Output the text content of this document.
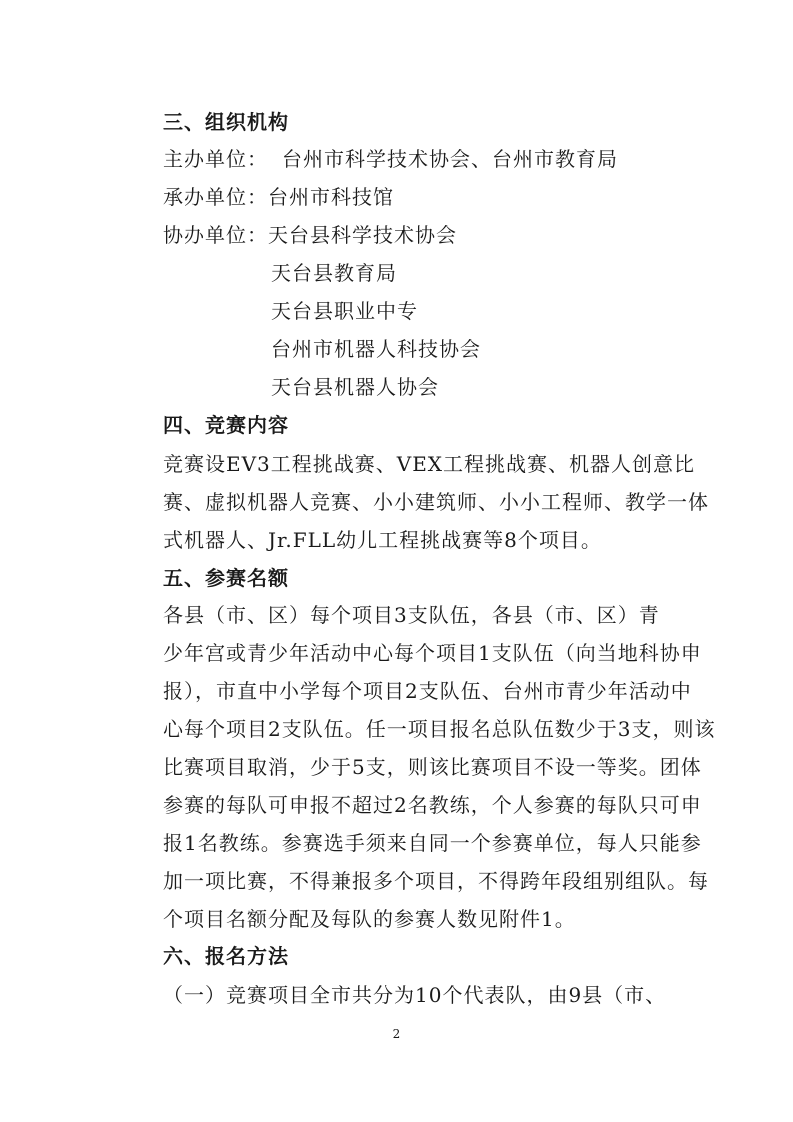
三、组织机构
主办单位： 台州市科学技术协会、台州市教育局
承办单位：台州市科技馆
协办单位：天台县科学技术协会
天台县教育局
天台县职业中专
台州市机器人科技协会
天台县机器人协会
四、竞赛内容
竞赛设EV3工程挑战赛、VEX工程挑战赛、机器人创意比
赛、虚拟机器人竞赛、小小建筑师、小小工程师、教学一体
式机器人、Jr.FLL幼儿工程挑战赛等8个项目。
五、参赛名额
各县（市、区）每个项目3支队伍，各县（市、区）青
少年宫或青少年活动中心每个项目1支队伍（向当地科协申
报），市直中小学每个项目2支队伍、台州市青少年活动中
心每个项目2支队伍。任一项目报名总队伍数少于3支，则该
比赛项目取消，少于5支，则该比赛项目不设一等奖。团体
参赛的每队可申报不超过2名教练，个人参赛的每队只可申
报1名教练。参赛选手须来自同一个参赛单位，每人只能参
加一项比赛，不得兼报多个项目，不得跨年段组别组队。每
个项目名额分配及每队的参赛人数见附件1。
六、报名方法
（一）竞赛项目全市共分为10个代表队，由9县（市、
2
